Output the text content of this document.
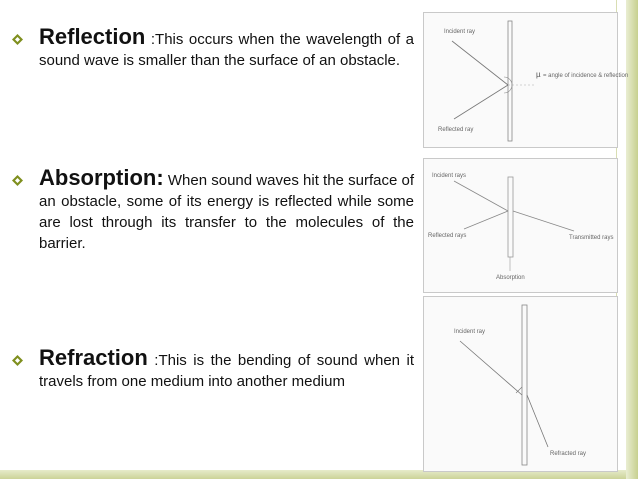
Reflection :This occurs when the wavelength of a sound wave is smaller than the surface of an obstacle.
Absorption: When sound waves hit the surface of an obstacle, some of its energy is reflected while some are lost through its transfer to the molecules of the barrier.
Refraction :This is the bending of sound when it travels from one medium into another medium
µ
Incident ray
Reflected ray
= angle of incidence & reflection
Incident rays
Reflected rays	Transmitted rays
Absorption
Incident ray
Refracted ray
